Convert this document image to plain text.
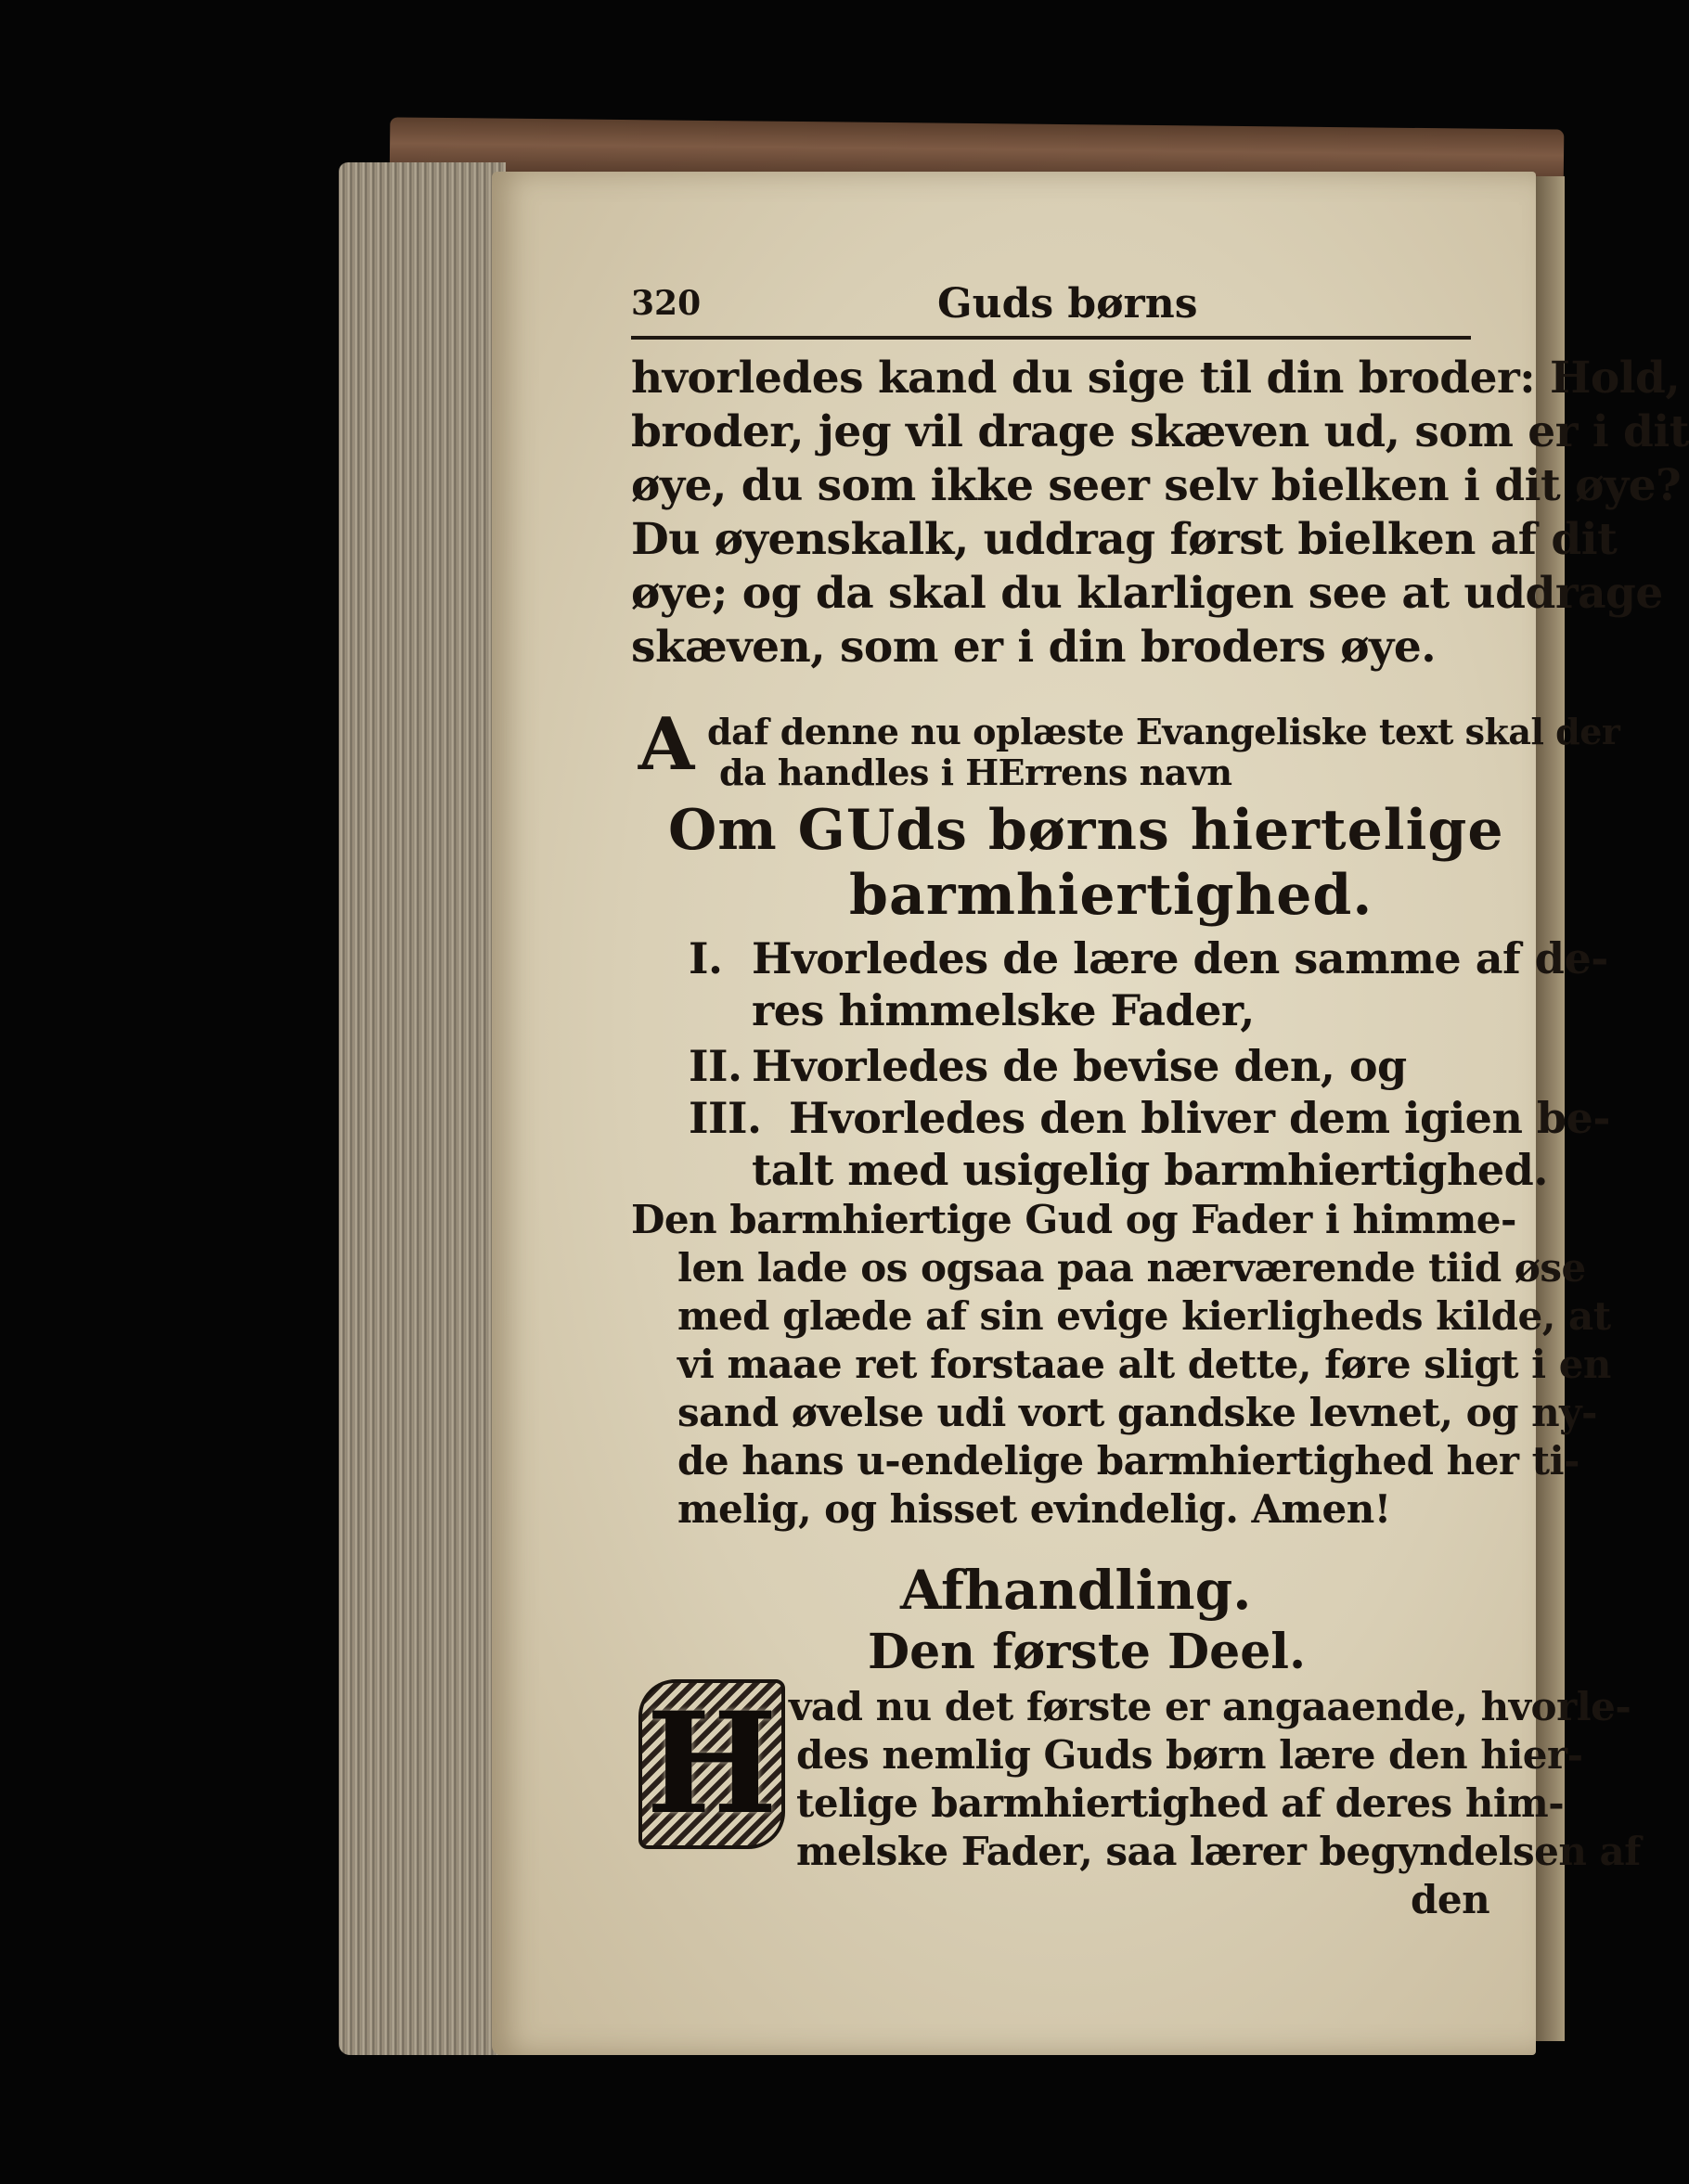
320	Guds børns
hvorledes kand du sige til din broder: Hold,
broder, jeg vil drage skæven ud, som er i dit
øye, du som ikke seer selv bielken i dit øye?
Du øyenskalk, uddrag først bielken af dit
øye; og da skal du klarligen see at uddrage
skæven, som er i din broders øye.
A daf denne nu oplæste Evangeliske text skal der
da handles i HErrens navn
Om GUds børns hiertelige
barmhiertighed.
I. Hvorledes de lære den samme af de-
res himmelske Fader,
II. Hvorledes de bevise den, og
III. Hvorledes den bliver dem igien be-
talt med usigelig barmhiertighed.
Den barmhiertige Gud og Fader i himme-
len lade os ogsaa paa nærværende tiid øse
med glæde af sin evige kierligheds kilde, at
vi maae ret forstaae alt dette, føre sligt i en
sand øvelse udi vort gandske levnet, og ny-
de hans u-endelige barmhiertighed her ti-
melig, og hisset evindelig. Amen!
Afhandling.
Den første Deel.
H vad nu det første er angaaende, hvorle-
des nemlig Guds børn lære den hier-
telige barmhiertighed af deres him-
melske Fader, saa lærer begyndelsen af
den
